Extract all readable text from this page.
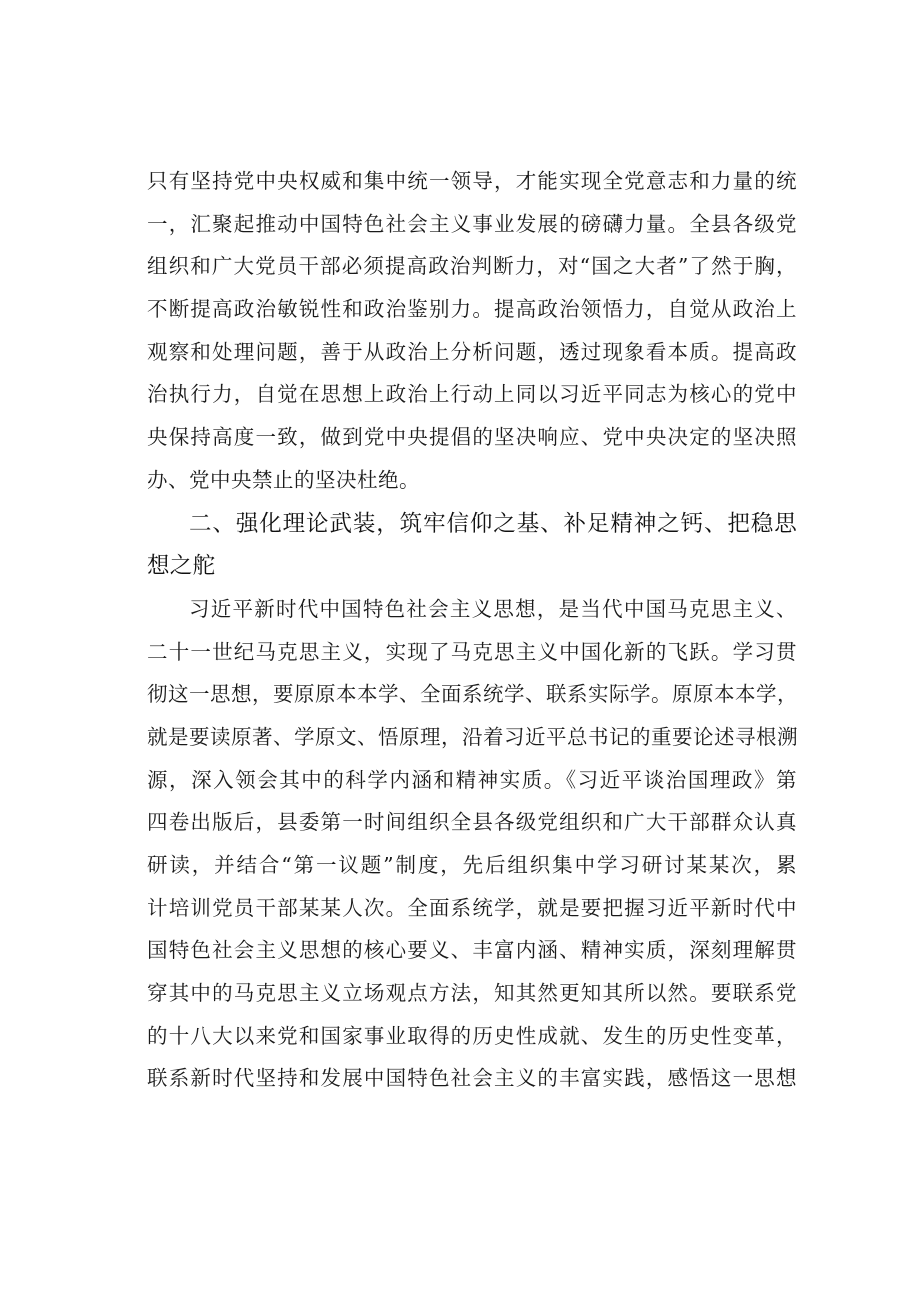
只有坚持党中央权威和集中统一领导，才能实现全党意志和力量的统
一，汇聚起推动中国特色社会主义事业发展的磅礴力量。全县各级党
组织和广大党员干部必须提高政治判断力，对“国之大者”了然于胸，
不断提高政治敏锐性和政治鉴别力。提高政治领悟力，自觉从政治上
观察和处理问题，善于从政治上分析问题，透过现象看本质。提高政
治执行力，自觉在思想上政治上行动上同以习近平同志为核心的党中
央保持高度一致，做到党中央提倡的坚决响应、党中央决定的坚决照
办、党中央禁止的坚决杜绝。
二、强化理论武装，筑牢信仰之基、补足精神之钙、把稳思
想之舵
习近平新时代中国特色社会主义思想，是当代中国马克思主义、
二十一世纪马克思主义，实现了马克思主义中国化新的飞跃。学习贯
彻这一思想，要原原本本学、全面系统学、联系实际学。原原本本学，
就是要读原著、学原文、悟原理，沿着习近平总书记的重要论述寻根溯
源，深入领会其中的科学内涵和精神实质。《习近平谈治国理政》第
四卷出版后，县委第一时间组织全县各级党组织和广大干部群众认真
研读，并结合“第一议题”制度，先后组织集中学习研讨某某次，累
计培训党员干部某某人次。全面系统学，就是要把握习近平新时代中
国特色社会主义思想的核心要义、丰富内涵、精神实质，深刻理解贯
穿其中的马克思主义立场观点方法，知其然更知其所以然。要联系党
的十八大以来党和国家事业取得的历史性成就、发生的历史性变革，
联系新时代坚持和发展中国特色社会主义的丰富实践，感悟这一思想
